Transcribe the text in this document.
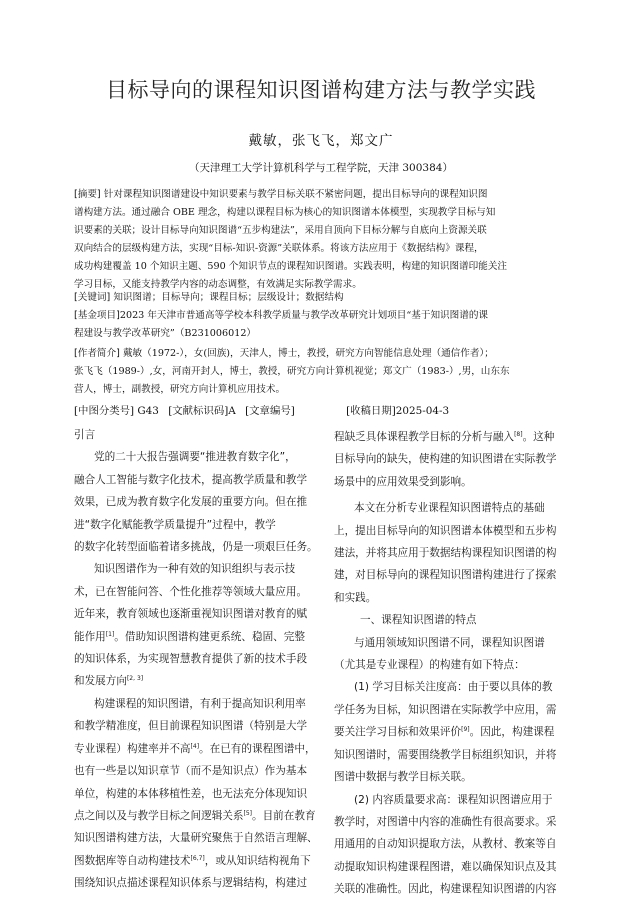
目标导向的课程知识图谱构建方法与教学实践
戴敏，张飞飞，郑文广
（天津理工大学计算机科学与工程学院，天津 300384）
[摘要] 针对课程知识图谱建设中知识要素与教学目标关联不紧密问题，提出目标导向的课程知识图
谱构建方法。通过融合 OBE 理念，构建以课程目标为核心的知识图谱本体模型，实现教学目标与知
识要素的关联；设计目标导向知识图谱“五步构建法”，采用自顶向下目标分解与自底向上资源关联
双向结合的层级构建方法，实现“目标-知识-资源”关联体系。将该方法应用于《数据结构》课程，
成功构建覆盖 10 个知识主题、590 个知识节点的课程知识图谱。实践表明，构建的知识图谱印能关注
学习目标，又能支持教学内容的动态调整，有效满足实际教学需求。
[关键词] 知识图谱；目标导向；课程目标；层级设计；数据结构
[基金项目]2023 年天津市普通高等学校本科教学质量与教学改革研究计划项目“基于知识图谱的课
程建设与教学改革研究”（B231006012）
[作者简介] 戴敏（1972-），女(回族)，天津人，博士，教授，研究方向智能信息处理（通信作者）；
张飞飞（1989-）,女，河南开封人，博士，教授，研究方向计算机视觉；郑文广（1983-）,男，山东东
营人，博士，副教授，研究方向计算机应用技术。
[中图分类号] G43 [文献标识码]A [文章编号]	[收稿日期]2025-04-3

引言

党的二十大报告强调要“推进教育数字化”，
融合人工智能与数字化技术，提高教学质量和教学
效果，已成为教育数字化发展的重要方向。但在推
进“数字化赋能教学质量提升”过程中，教学
的数字化转型面临着诸多挑战，仍是一项艰巨任务。

知识图谱作为一种有效的知识组织与表示技
术，已在智能问答、个性化推荐等领域大量应用。
近年来，教育领域也逐渐重视知识图谱对教育的赋
能作用[1]。借助知识图谱构建更系统、稳固、完整
的知识体系，为实现智慧教育提供了新的技术手段
和发展方向[2, 3]

构建课程的知识图谱，有利于提高知识利用率
和教学精准度，但目前课程知识图谱（特别是大学
专业课程）构建率并不高[4]。在已有的课程图谱中，
也有一些是以知识章节（而不是知识点）作为基本
单位，构建的本体移植性差，也无法充分体现知识
点之间以及与教学目标之间逻辑关系[5]。目前在教育
知识图谱构建方法，大量研究聚焦于自然语言理解、
图数据库等自动构建技术[6,7]，或从知识结构视角下
围绕知识点描述课程知识体系与逻辑结构，构建过

程缺乏具体课程教学目标的分析与融入[8]。这种
目标导向的缺失，使构建的知识图谱在实际教学
场景中的应用效果受到影响。

本文在分析专业课程知识图谱特点的基础
上，提出目标导向的知识图谱本体模型和五步构
建法，并将其应用于数据结构课程知识图谱的构
建，对目标导向的课程知识图谱构建进行了探索
和实践。

一、课程知识图谱的特点

与通用领域知识图谱不同，课程知识图谱
（尤其是专业课程）的构建有如下特点：

(1) 学习目标关注度高：由于要以具体的教
学任务为目标，知识图谱在实际教学中应用，需
要关注学习目标和效果评价[9]。因此，构建课程
知识图谱时，需要围绕教学目标组织知识，并将
图谱中数据与教学目标关联。

(2) 内容质量要求高：课程知识图谱应用于
教学时，对图谱中内容的准确性有很高要求。采
用通用的自动知识提取方法，从教材、教案等自
动提取知识构建课程图谱，难以确保知识点及其
关联的准确性。因此，构建课程知识图谱的内容
